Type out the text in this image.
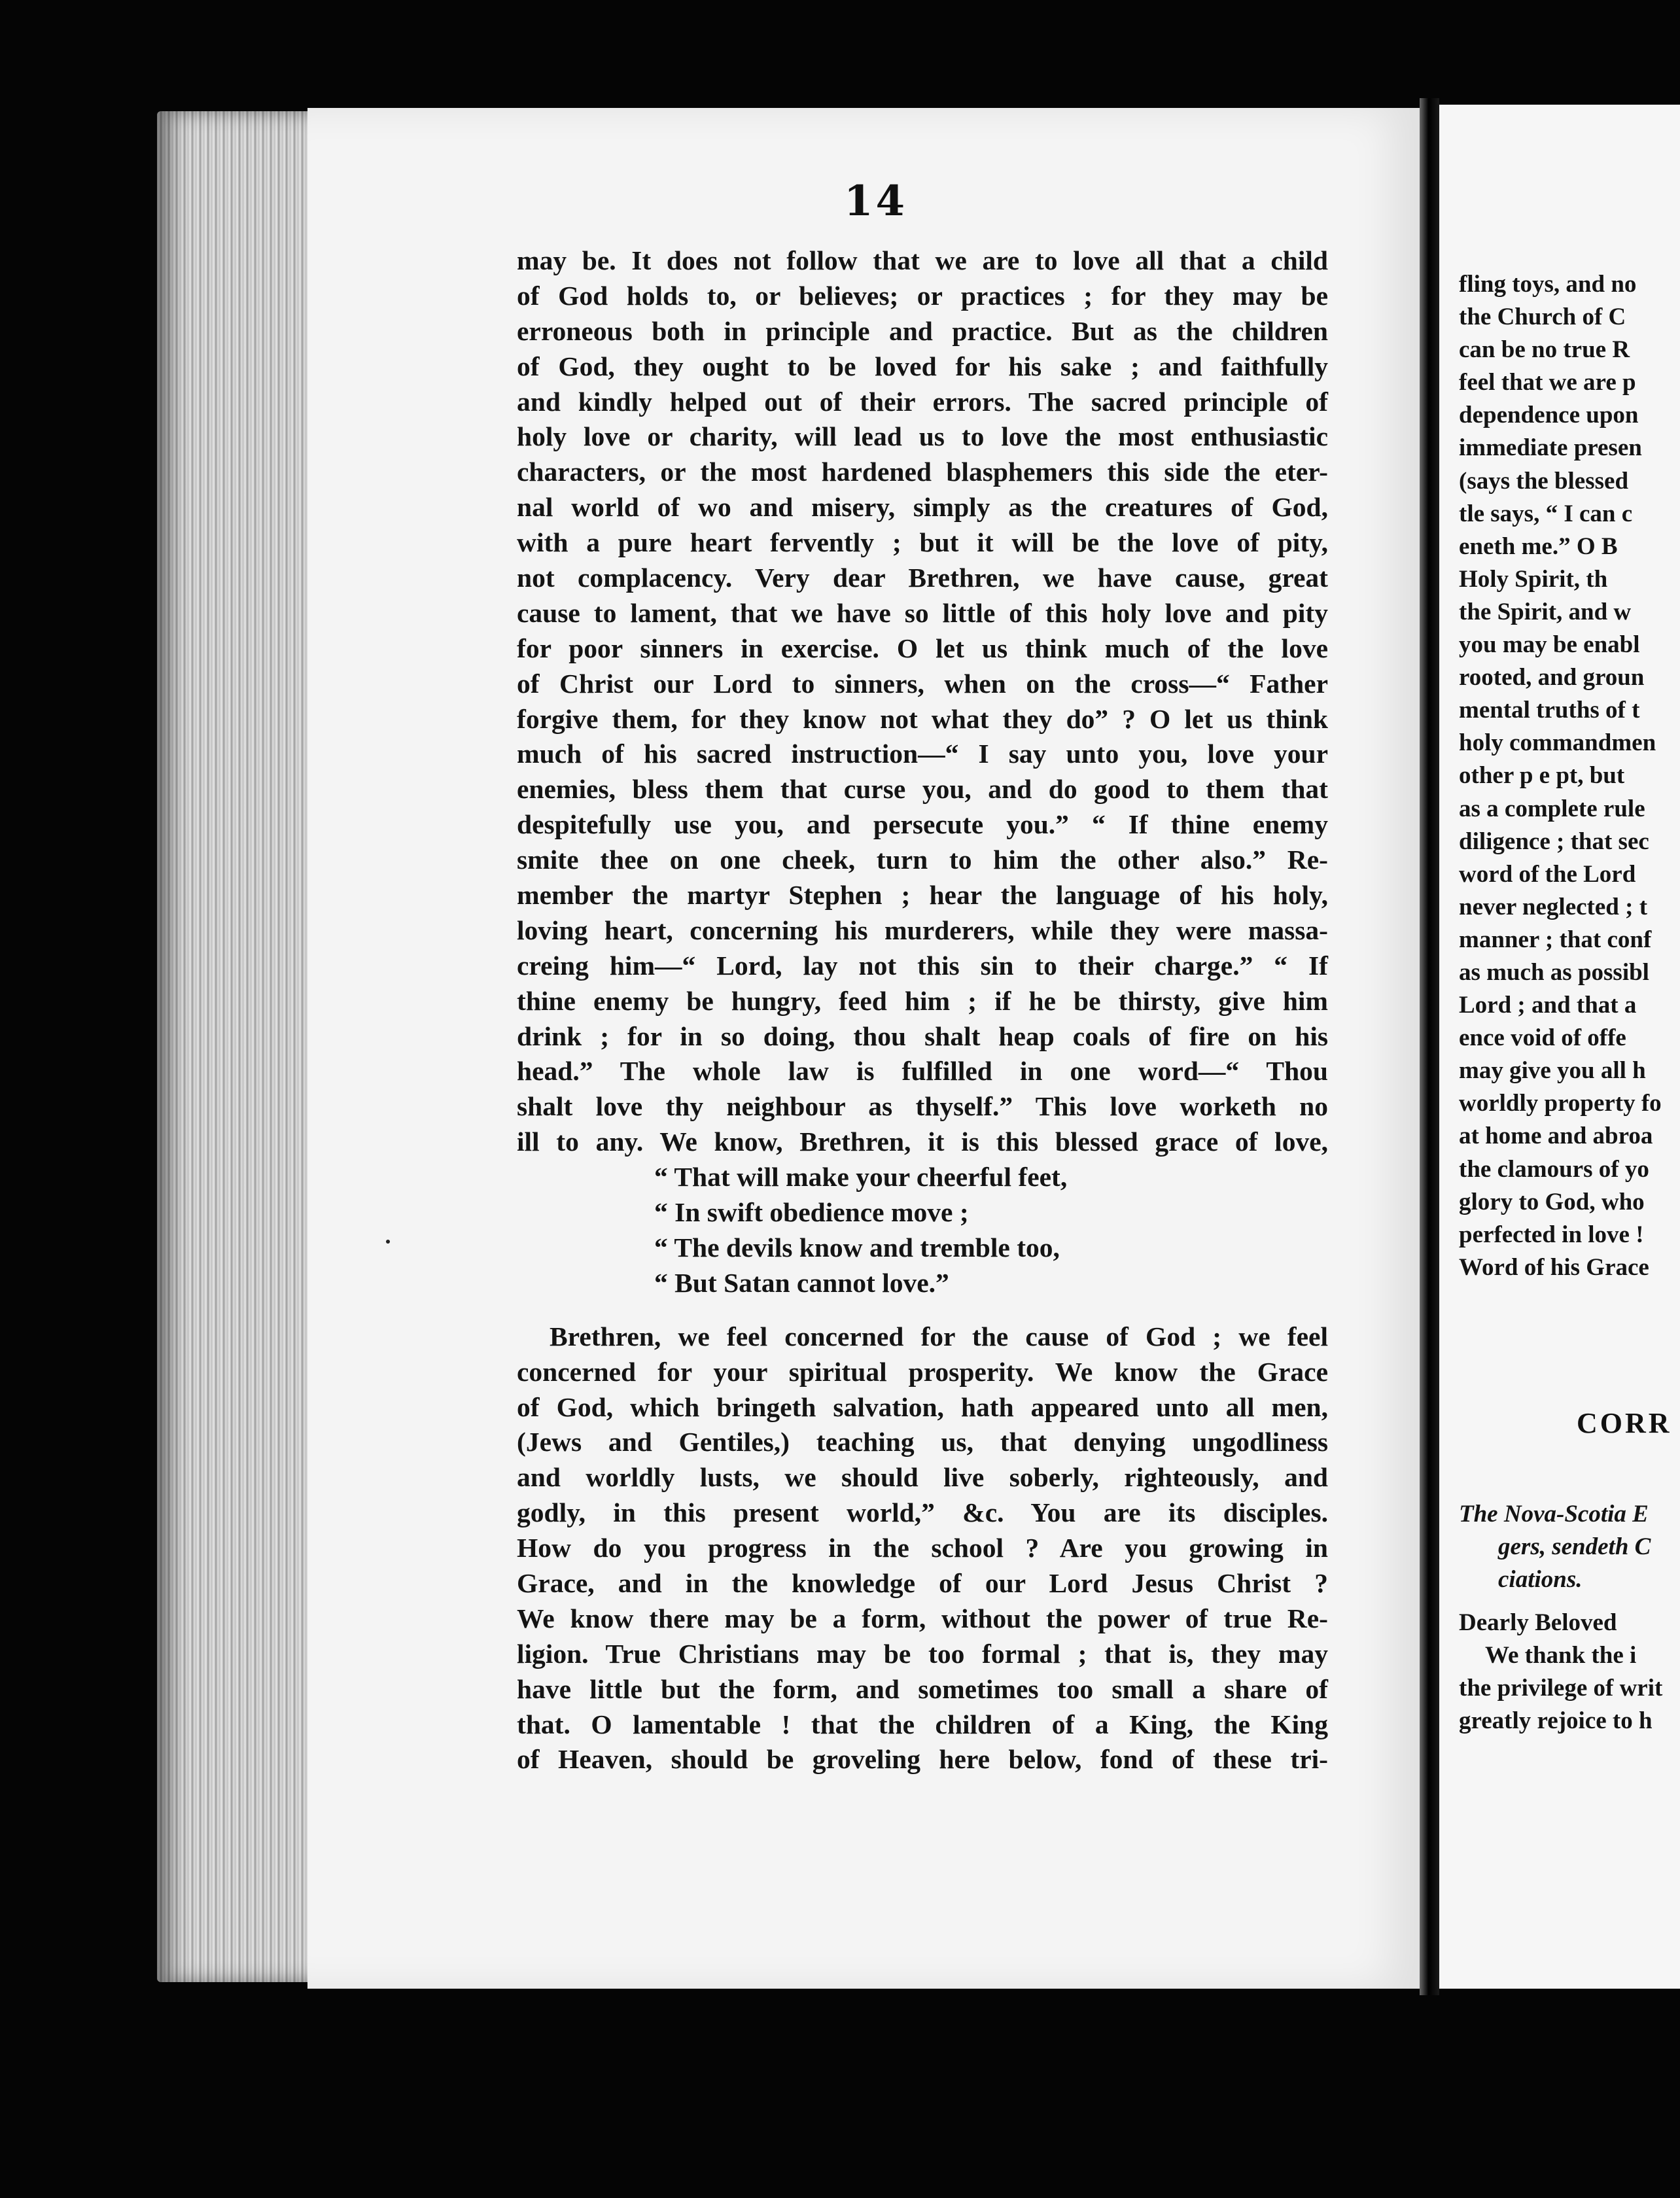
14
may be. It does not follow that we are to love all that a child
of God holds to, or believes; or practices ; for they may be
erroneous both in principle and practice. But as the children
of God, they ought to be loved for his sake ; and faithfully
and kindly helped out of their errors. The sacred principle of
holy love or charity, will lead us to love the most enthusiastic
characters, or the most hardened blasphemers this side the eter-
nal world of wo and misery, simply as the creatures of God,
with a pure heart fervently ; but it will be the love of pity,
not complacency. Very dear Brethren, we have cause, great
cause to lament, that we have so little of this holy love and pity
for poor sinners in exercise. O let us think much of the love
of Christ our Lord to sinners, when on the cross—“ Father
forgive them, for they know not what they do” ? O let us think
much of his sacred instruction—“ I say unto you, love your
enemies, bless them that curse you, and do good to them that
despitefully use you, and persecute you.” “ If thine enemy
smite thee on one cheek, turn to him the other also.” Re-
member the martyr Stephen ; hear the language of his holy,
loving heart, concerning his murderers, while they were massa-
creing him—“ Lord, lay not this sin to their charge.” “ If
thine enemy be hungry, feed him ; if he be thirsty, give him
drink ; for in so doing, thou shalt heap coals of fire on his
head.” The whole law is fulfilled in one word—“ Thou
shalt love thy neighbour as thyself.” This love worketh no
ill to any. We know, Brethren, it is this blessed grace of love,
“ That will make your cheerful feet,
“ In swift obedience move ;
“ The devils know and tremble too,
“ But Satan cannot love.”
Brethren, we feel concerned for the cause of God ; we feel
concerned for your spiritual prosperity. We know the Grace
of God, which bringeth salvation, hath appeared unto all men,
(Jews and Gentiles,) teaching us, that denying ungodliness
and worldly lusts, we should live soberly, righteously, and
godly, in this present world,” &c. You are its disciples.
How do you progress in the school ? Are you growing in
Grace, and in the knowledge of our Lord Jesus Christ ?
We know there may be a form, without the power of true Re-
ligion. True Christians may be too formal ; that is, they may
have little but the form, and sometimes too small a share of
that. O lamentable ! that the children of a King, the King
of Heaven, should be groveling here below, fond of these tri-
fling toys, and no
the Church of C
can be no true R
feel that we are p
dependence upon
immediate presen
(says the blessed
tle says, “ I can c
eneth me.” O B
Holy Spirit, th
the Spirit, and w
you may be enabl
rooted, and groun
mental truths of t
holy commandmen
other p e pt, but
as a complete rule
diligence ; that sec
word of the Lord
never neglected ; t
manner ; that conf
as much as possibl
Lord ; and that a
ence void of offe
may give you all h
worldly property fo
at home and abroa
the clamours of yo
glory to God, who
perfected in love !
Word of his Grace
CORR
The Nova-Scotia E
gers, sendeth C
ciations.
Dearly Beloved
We thank the i
the privilege of writ
greatly rejoice to h
